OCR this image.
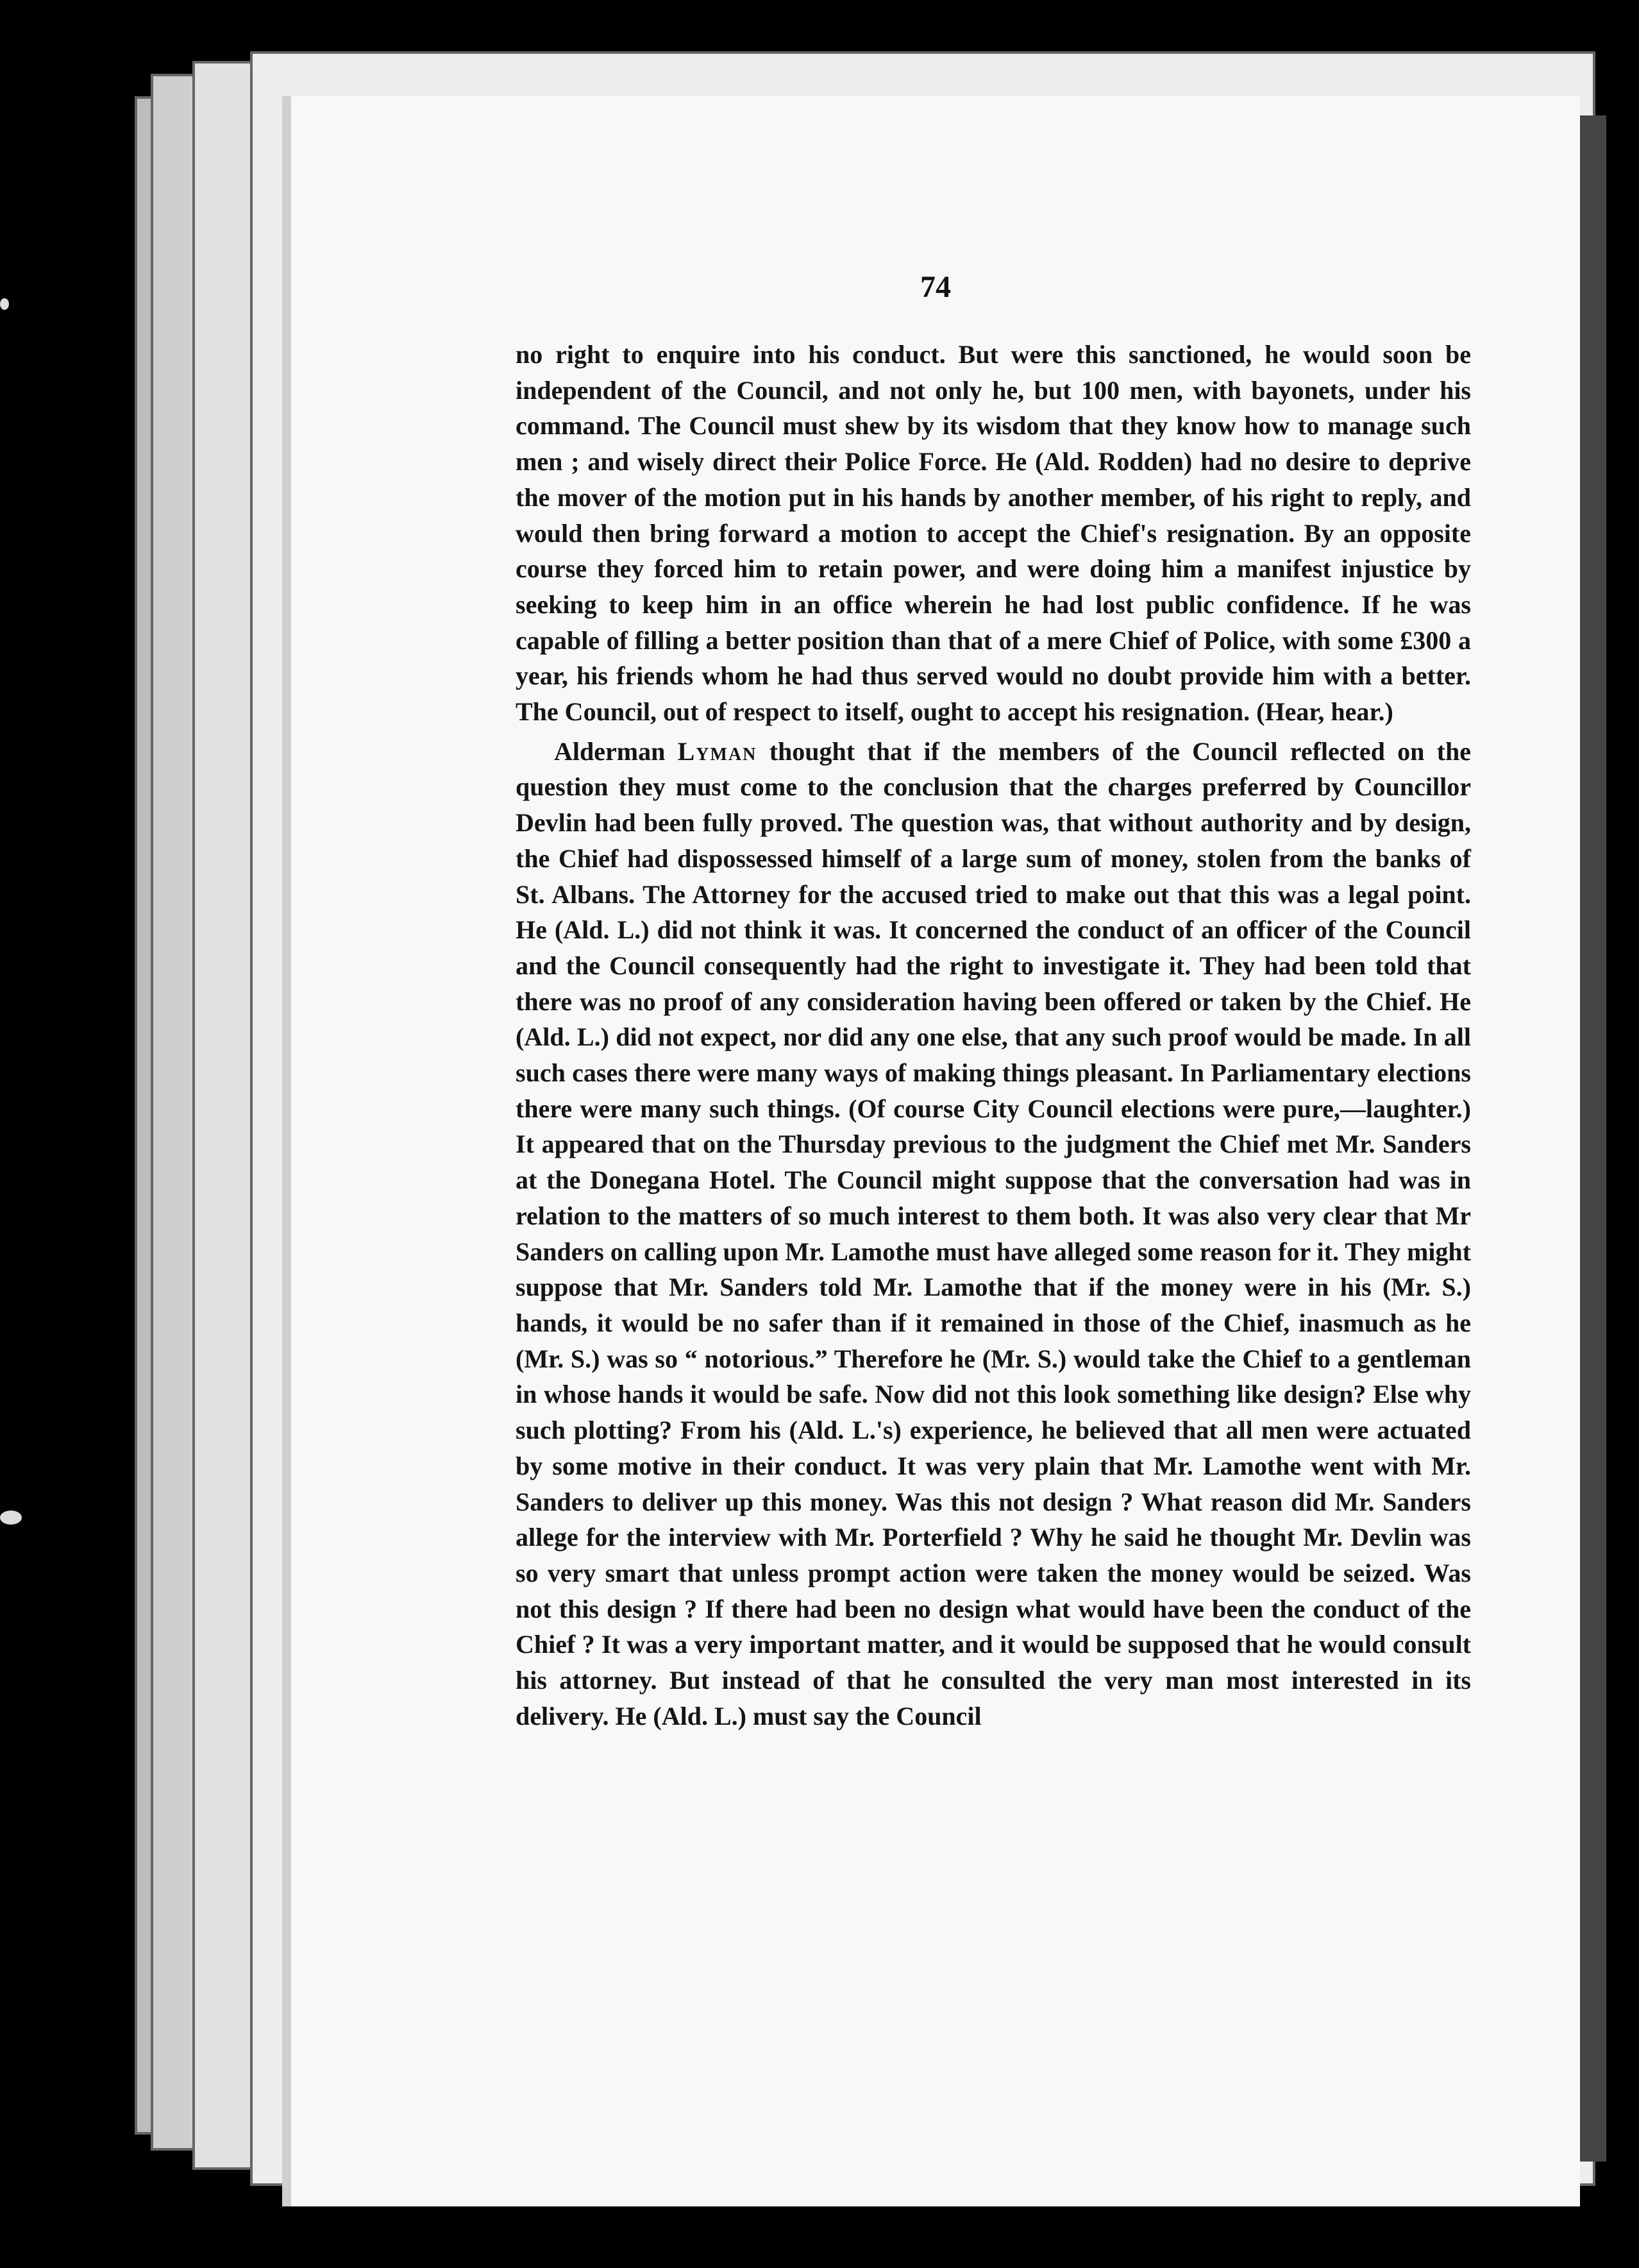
74

no right to enquire into his conduct. But were this sanctioned, he would soon be independent of the Council, and not only he, but 100 men, with bayonets, under his command. The Council must shew by its wisdom that they know how to manage such men ; and wisely direct their Police Force. He (Ald. Rodden) had no desire to deprive the mover of the motion put in his hands by another member, of his right to reply, and would then bring forward a motion to accept the Chief's resignation. By an opposite course they forced him to retain power, and were doing him a manifest injustice by seeking to keep him in an office wherein he had lost public confidence. If he was capable of filling a better position than that of a mere Chief of Police, with some £300 a year, his friends whom he had thus served would no doubt provide him with a better. The Council, out of respect to itself, ought to accept his resignation. (Hear, hear.)

Alderman Lyman thought that if the members of the Council reflected on the question they must come to the conclusion that the charges preferred by Councillor Devlin had been fully proved. The question was, that without authority and by design, the Chief had dispossessed himself of a large sum of money, stolen from the banks of St. Albans. The Attorney for the accused tried to make out that this was a legal point. He (Ald. L.) did not think it was. It concerned the conduct of an officer of the Council and the Council consequently had the right to investigate it. They had been told that there was no proof of any consideration having been offered or taken by the Chief. He (Ald. L.) did not expect, nor did any one else, that any such proof would be made. In all such cases there were many ways of making things pleasant. In Parliamentary elections there were many such things. (Of course City Council elections were pure,—laughter.) It appeared that on the Thursday previous to the judgment the Chief met Mr. Sanders at the Donegana Hotel. The Council might suppose that the conversation had was in relation to the matters of so much interest to them both. It was also very clear that Mr Sanders on calling upon Mr. Lamothe must have alleged some reason for it. They might suppose that Mr. Sanders told Mr. Lamothe that if the money were in his (Mr. S.) hands, it would be no safer than if it remained in those of the Chief, inasmuch as he (Mr. S.) was so “ notorious.” Therefore he (Mr. S.) would take the Chief to a gentleman in whose hands it would be safe. Now did not this look something like design? Else why such plotting? From his (Ald. L.'s) experience, he believed that all men were actuated by some motive in their conduct. It was very plain that Mr. Lamothe went with Mr. Sanders to deliver up this money. Was this not design ? What reason did Mr. Sanders allege for the interview with Mr. Porterfield ? Why he said he thought Mr. Devlin was so very smart that unless prompt action were taken the money would be seized. Was not this design ? If there had been no design what would have been the conduct of the Chief ? It was a very important matter, and it would be supposed that he would consult his attorney. But instead of that he consulted the very man most interested in its delivery. He (Ald. L.) must say the Council
